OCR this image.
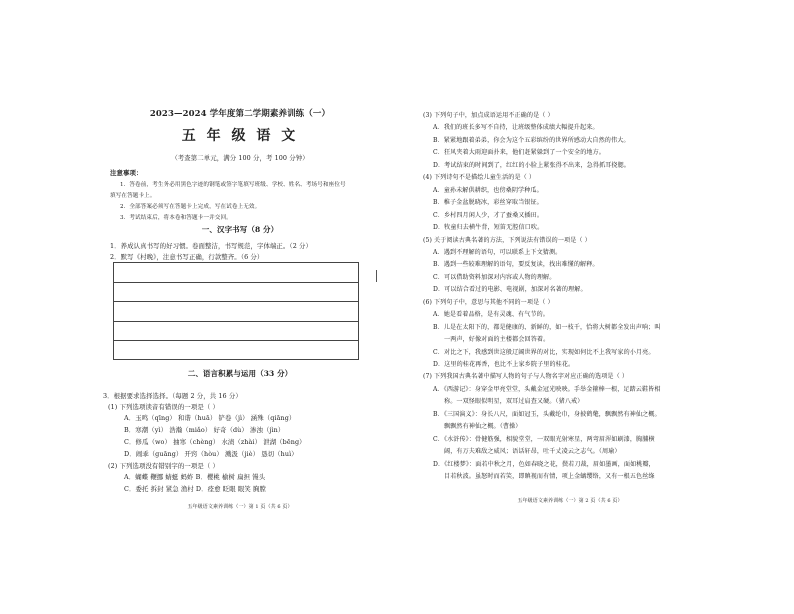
2023—2024 学年度第二学期素养训练（一）
五 年 级 语 文
（考查第二单元，满分 100 分，考 100 分钟）
注意事项：
1．答卷前，考生务必用黑色字迹的钢笔或签字笔填写班级、学校、姓名、考场号和座位号
填写在答题卡上。
2．全部答案必须写在答题卡上完成，写在试卷上无效。
3．考试结束后，将本卷和答题卡一并交回。
一、汉字书写（8 分）
1．养成认真书写的好习惯。卷面整洁，书写规范，字体端正。（2 分）
2．默写《村晚》，注意书写正确，行款整齐。（6 分）
二、语言积累与运用（33 分）
3．根据要求选择选择。（每题 2 分，共 16 分）
(1) 下列选项读音有错误的一项是（ ）
A．玉鸣（qīng） 和谐（huā） 铲卷（jì） 涵殊（qiāng）
B．寒潮（yì） 浩瀚（miǎo） 好奇（dù） 渗浊（jìn）
C．修瓜（wo） 抽寒（chèng） 水渍（zhài） 泄湖（bēng）
D．闹乖（guāng） 开窍（hòu） 溅汲（jiè） 恳切（huì）
(2) 下列选项没有错别字的一项是（ ）
A．蝴蝶 鞭挪 蜻蜓 蚂蚱 B．樱桃 榆树 扁担 馒头
C．委托 拆封 紧急 渔村 D．痊愈 眨眼 眼笑 胸膛
五年级语文素养训练（一）第 1 页（共 6 页）
(3) 下列句子中，加点成语运用不正确的是（ ）
A．我们的班长多写不自持，让班级整体成绩大幅提升起来。
B．紧紧地跟着弟弟，你会为这个五彩缤纷的世界所感动大自然的伟大。
C．狂风夹着大雨迎面扑来，他们赶紧躲到了一个安全的地方。
D．考试结束的时间到了，红红的小脸上紧张得不出来，急得抓耳挠腮。
(4) 下列诗句不是描绘儿童生活的是（ ）
A．童孙未解供耕织，也傍桑阴学种瓜。
B．稚子金盆脱晓冰，彩丝穿取当银钲。
C．乡村四月闲人少，才了蚕桑又插田。
D．牧童归去横牛背，短笛无腔信口吹。
(5) 关于阅读古典名著的方法，下列说法有错误的一项是（ ）
A．遇到不理解的语句，可以联系上下文猜测。
B．遇到一些较难理解的语句，要反复读，找出难懂的解释。
C．可以借助资料加深对内容或人物的理解。
D．可以结合看过的电影、电视剧，加深对名著的理解。
(6) 下列句子中，意思与其他不同的一项是（ ）
A．她是看着品格，是有灵魂、有气节的。
B．儿是在太阳下的，都是健康的、新鲜的，如一枝千，恰将大树都全发出声响；叫
一两声，好像对面的主楼都会回答着。
C．对比之下，我感到世这般辽阔世界的对比，实现如何比不上我写家的小月亮。
D．这里的桂花再香，也比不上家乡院子里的桂花。
(7) 下列我国古典名著中描写人物的句子与人物名字对应正确的选项是（ ）
A．《西游记》：身穿金甲亮堂堂，头戴金冠光映映。手举金箍棒一根，足踏云鞋皆相
称。一双怪眼似明星，双耳过肩查又硬。（猪八戒）
B．《三国演义》：身长八尺，面如冠玉，头戴纶巾，身披鹤氅，飘飘然有神仙之概。
飘飘然有神仙之概。（曹操）
C．《水浒传》：骨健筋强，相貌堂堂，一双眼光射寒星，两弯眉浑如刷漆，胸脯横
阔，有万夫难敌之威风；语话轩昂，吐千丈凌云之志气。（周瑜）
D．《红楼梦》：面若中秋之月，色如春晓之花，鬓若刀裁，眉如墨画，面如桃瓣，
目若秋波。虽怒时而若笑，即瞋视而有情，项上金螭缨络，又有一根五色丝绦
五年级语文素养训练（一）第 2 页（共 6 页）
